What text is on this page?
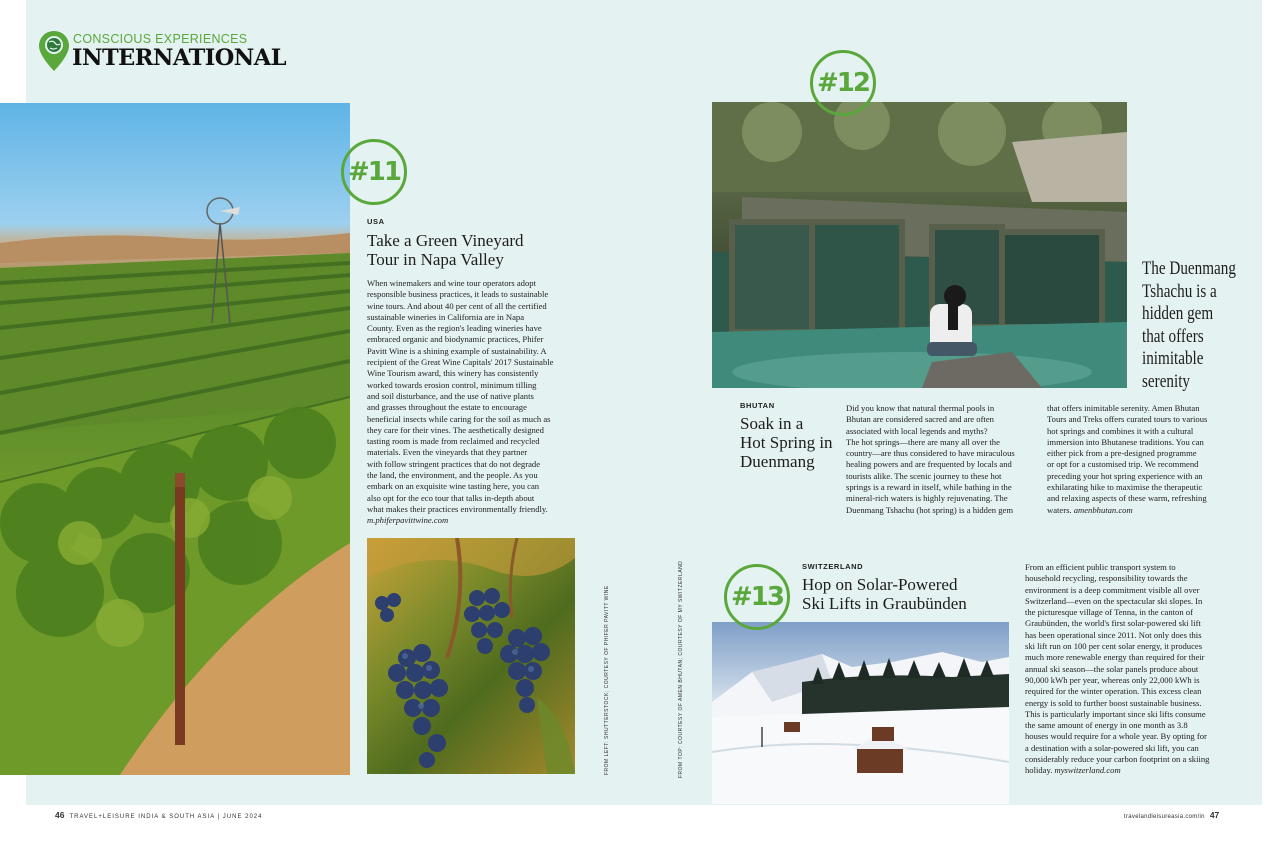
CONSCIOUS EXPERIENCES
INTERNATIONAL
#11
USA
Take a Green Vineyard
Tour in Napa Valley

When winemakers and wine tour operators adopt

responsible business practices, it leads to sustainable

wine tours. And about 40 per cent of all the certified

sustainable wineries in California are in Napa

County. Even as the region's leading wineries have

embraced organic and biodynamic practices, Phifer

Pavitt Wine is a shining example of sustainability. A

recipient of the Great Wine Capitals' 2017 Sustainable

Wine Tourism award, this winery has consistently

worked towards erosion control, minimum tilling

and soil disturbance, and the use of native plants

and grasses throughout the estate to encourage

beneficial insects while caring for the soil as much as

they care for their vines. The aesthetically designed

tasting room is made from reclaimed and recycled

materials. Even the vineyards that they partner

with follow stringent practices that do not degrade

the land, the environment, and the people. As you

embark on an exquisite wine tasting here, you can

also opt for the eco tour that talks in-depth about

what makes their practices environmentally friendly.

m.phiferpavittwine.com

FROM LEFT: SHUTTERSTOCK; COURTESY OF PHIFER PAVITT WINE	FROM TOP: COURTESY OF AMEN BHUTAN; COURTESY OF MY SWITZERLAND
#12
The Duenmang
Tshachu is a
hidden gem
that offers
inimitable
serenity
BHUTAN
Soak in a
Hot Spring in
Duenmang

Did you know that natural thermal pools in

Bhutan are considered sacred and are often

associated with local legends and myths?

The hot springs—there are many all over the

country—are thus considered to have miraculous

healing powers and are frequented by locals and

tourists alike. The scenic journey to these hot

springs is a reward in itself, while bathing in the

mineral-rich waters is highly rejuvenating. The

Duenmang Tshachu (hot spring) is a hidden gem

that offers inimitable serenity. Amen Bhutan

Tours and Treks offers curated tours to various

hot springs and combines it with a cultural

immersion into Bhutanese traditions. You can

either pick from a pre-designed programme

or opt for a customised trip. We recommend

preceding your hot spring experience with an

exhilarating hike to maximise the therapeutic

and relaxing aspects of these warm, refreshing

waters. amenbhutan.com

SWITZERLAND
Hop on Solar-Powered
Ski Lifts in Graubünden
#13

From an efficient public transport system to

household recycling, responsibility towards the

environment is a deep commitment visible all over

Switzerland—even on the spectacular ski slopes. In

the picturesque village of Tenna, in the canton of

Graubünden, the world's first solar-powered ski lift

has been operational since 2011. Not only does this

ski lift run on 100 per cent solar energy, it produces

much more renewable energy than required for their

annual ski season—the solar panels produce about

90,000 kWh per year, whereas only 22,000 kWh is

required for the winter operation. This excess clean

energy is sold to further boost sustainable business.

This is particularly important since ski lifts consume

the same amount of energy in one month as 3.8

houses would require for a whole year. By opting for

a destination with a solar-powered ski lift, you can

considerably reduce your carbon footprint on a skiing

holiday. myswitzerland.com

46 TRAVEL+LEISURE INDIA & SOUTH ASIA | JUNE 2024	travelandleisureasia.com/in 47
